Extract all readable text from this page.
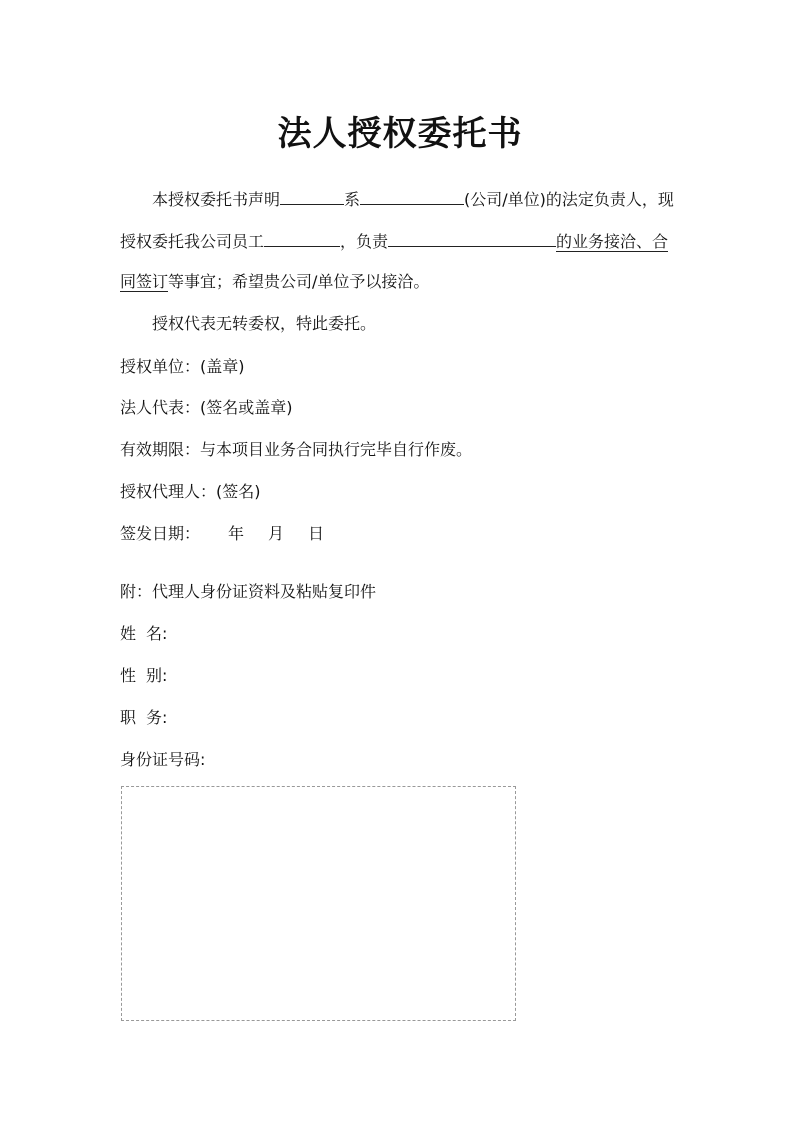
法人授权委托书
本授权委托书声明	系	(公司/单位)的法定负责人，现
授权委托我公司员工	，负责	的业务接洽、合
同签订等事宜；希望贵公司/单位予以接洽。
授权代表无转委权，特此委托。
授权单位：(盖章)
法人代表：(签名或盖章)
有效期限：与本项目业务合同执行完毕自行作废。
授权代理人：(签名)
签发日期： 年 月 日
附：代理人身份证资料及粘贴复印件
姓 名:
性 别:
职 务:
身份证号码:
